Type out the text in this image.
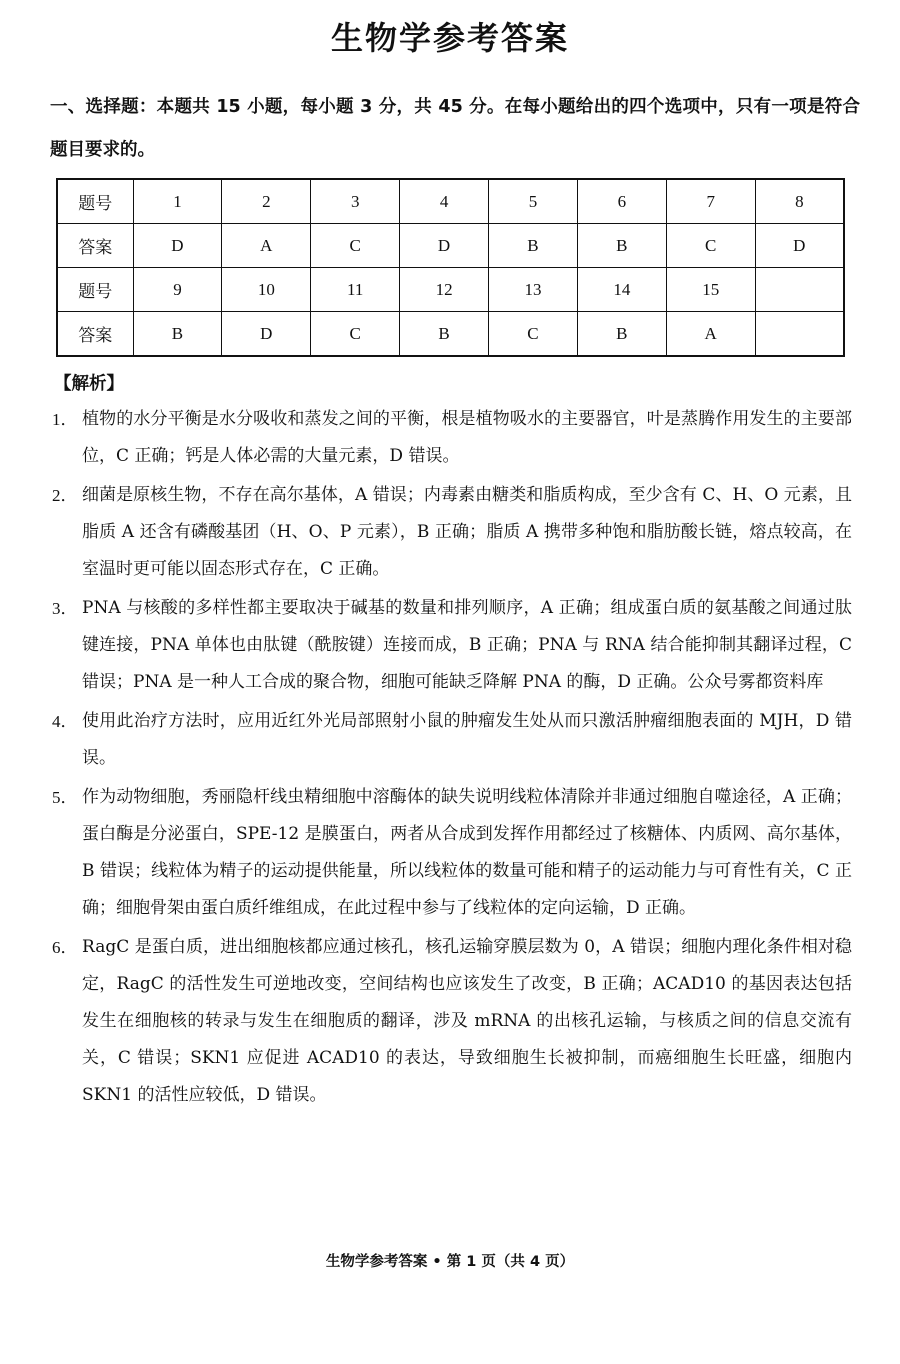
生物学参考答案
一、选择题：本题共 15 小题，每小题 3 分，共 45 分。在每小题给出的四个选项中，只有一项是符合题目要求的。
题号	1	2	3	4	5	6	7	8
答案	D	A	C	D	B	B	C	D
题号	9	10	11	12	13	14	15	
答案	B	D	C	B	C	B	A	
【解析】
1． 植物的水分平衡是水分吸收和蒸发之间的平衡，根是植物吸水的主要器官，叶是蒸腾作用发生的主要部位，C 正确；钙是人体必需的大量元素，D 错误。
2． 细菌是原核生物，不存在高尔基体，A 错误；内毒素由糖类和脂质构成，至少含有 C、H、O 元素，且脂质 A 还含有磷酸基团（H、O、P 元素），B 正确；脂质 A 携带多种饱和脂肪酸长链，熔点较高，在室温时更可能以固态形式存在，C 正确。
3． PNA 与核酸的多样性都主要取决于碱基的数量和排列顺序，A 正确；组成蛋白质的氨基酸之间通过肽键连接，PNA 单体也由肽键（酰胺键）连接而成，B 正确；PNA 与 RNA 结合能抑制其翻译过程，C 错误；PNA 是一种人工合成的聚合物，细胞可能缺乏降解 PNA 的酶，D 正确。公众号雾都资料库
4． 使用此治疗方法时，应用近红外光局部照射小鼠的肿瘤发生处从而只激活肿瘤细胞表面的 MJH，D 错误。
5． 作为动物细胞，秀丽隐杆线虫精细胞中溶酶体的缺失说明线粒体清除并非通过细胞自噬途径，A 正确；蛋白酶是分泌蛋白，SPE-12 是膜蛋白，两者从合成到发挥作用都经过了核糖体、内质网、高尔基体，B 错误；线粒体为精子的运动提供能量，所以线粒体的数量可能和精子的运动能力与可育性有关，C 正确；细胞骨架由蛋白质纤维组成，在此过程中参与了线粒体的定向运输，D 正确。
6． RagC 是蛋白质，进出细胞核都应通过核孔，核孔运输穿膜层数为 0，A 错误；细胞内理化条件相对稳定，RagC 的活性发生可逆地改变，空间结构也应该发生了改变，B 正确；ACAD10 的基因表达包括发生在细胞核的转录与发生在细胞质的翻译，涉及 mRNA 的出核孔运输，与核质之间的信息交流有关，C 错误；SKN1 应促进 ACAD10 的表达，导致细胞生长被抑制，而癌细胞生长旺盛，细胞内 SKN1 的活性应较低，D 错误。
生物学参考答案 • 第 1 页（共 4 页）
